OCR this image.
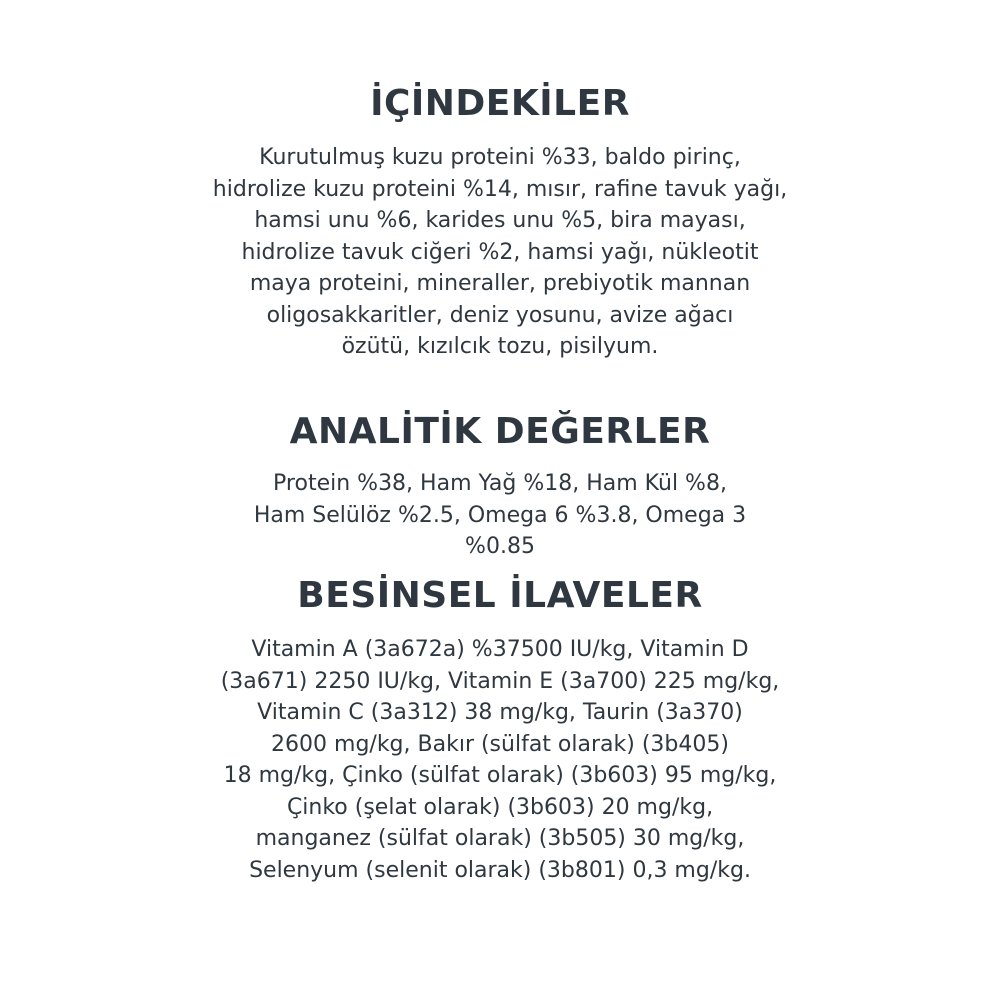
İÇİNDEKİLER
Kurutulmuş kuzu proteini %33, baldo pirinç,
hidrolize kuzu proteini %14, mısır, rafine tavuk yağı,
hamsi unu %6, karides unu %5, bira mayası,
hidrolize tavuk ciğeri %2, hamsi yağı, nükleotit
maya proteini, mineraller, prebiyotik mannan
oligosakkaritler, deniz yosunu, avize ağacı
özütü, kızılcık tozu, pisilyum.
ANALİTİK DEĞERLER
Protein %38, Ham Yağ %18, Ham Kül %8,
Ham Selülöz %2.5, Omega 6 %3.8, Omega 3
%0.85
BESİNSEL İLAVELER
Vitamin A (3a672a) %37500 IU/kg, Vitamin D
(3a671) 2250 IU/kg, Vitamin E (3a700) 225 mg/kg,
Vitamin C (3a312) 38 mg/kg, Taurin (3a370)
2600 mg/kg, Bakır (sülfat olarak) (3b405)
18 mg/kg, Çinko (sülfat olarak) (3b603) 95 mg/kg,
Çinko (şelat olarak) (3b603) 20 mg/kg,
manganez (sülfat olarak) (3b505) 30 mg/kg,
Selenyum (selenit olarak) (3b801) 0,3 mg/kg.
